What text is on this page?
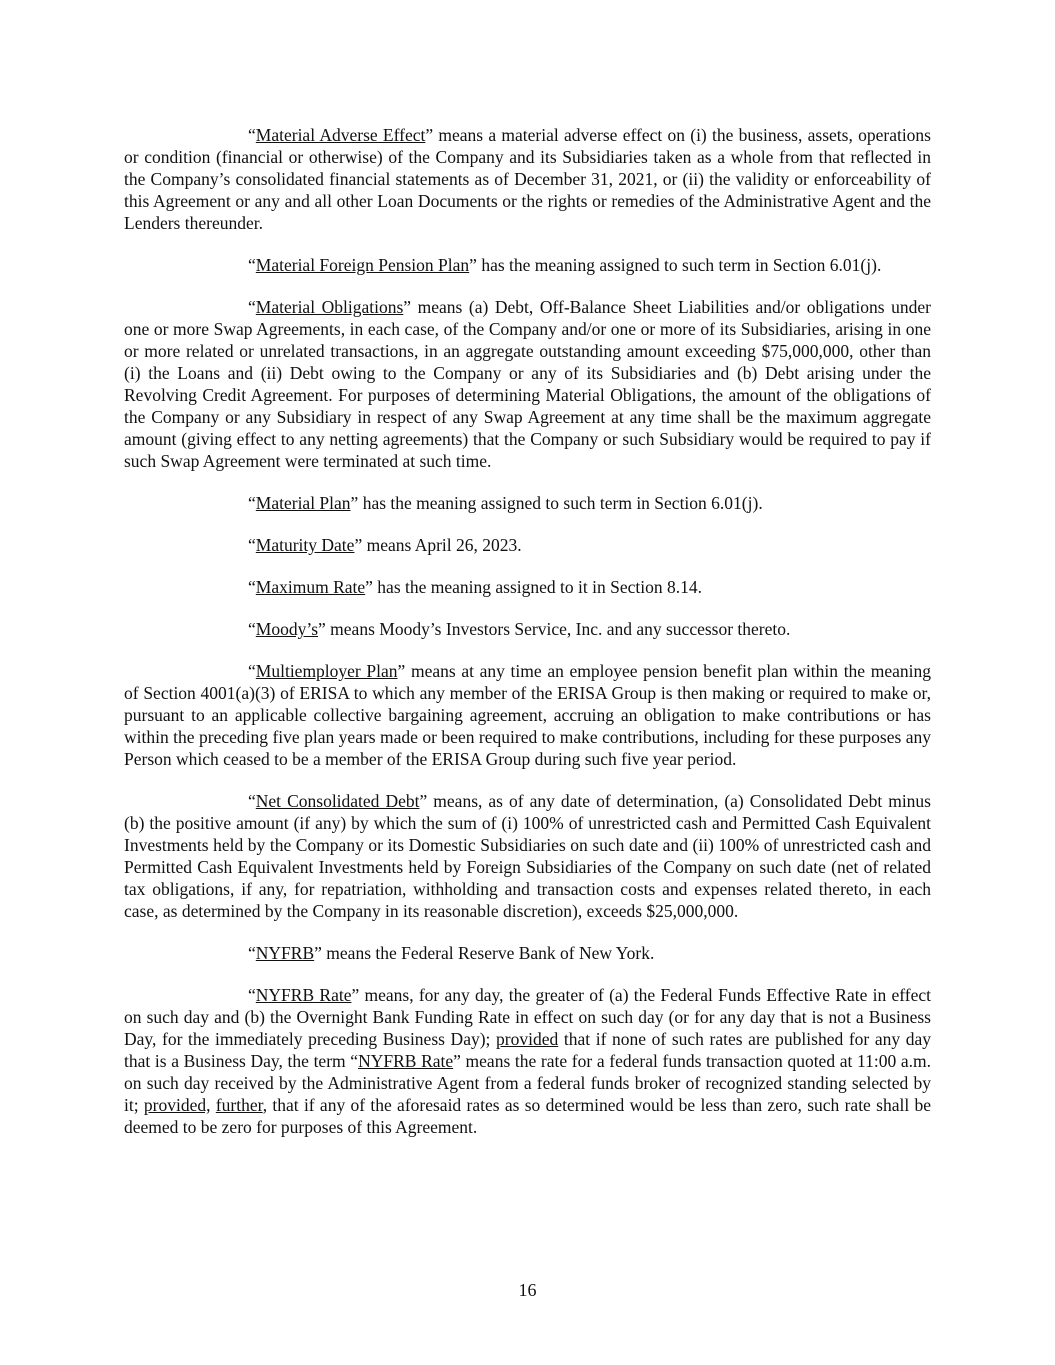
“Material Adverse Effect” means a material adverse effect on (i) the business, assets, operations or condition (financial or otherwise) of the Company and its Subsidiaries taken as a whole from that reflected in the Company’s consolidated financial statements as of December 31, 2021, or (ii) the validity or enforceability of this Agreement or any and all other Loan Documents or the rights or remedies of the Administrative Agent and the Lenders thereunder.

“Material Foreign Pension Plan” has the meaning assigned to such term in Section 6.01(j).

“Material Obligations” means (a) Debt, Off-Balance Sheet Liabilities and/or obligations under one or more Swap Agreements, in each case, of the Company and/or one or more of its Subsidiaries, arising in one or more related or unrelated transactions, in an aggregate outstanding amount exceeding $75,000,000, other than (i) the Loans and (ii) Debt owing to the Company or any of its Subsidiaries and (b) Debt arising under the Revolving Credit Agreement. For purposes of determining Material Obligations, the amount of the obligations of the Company or any Subsidiary in respect of any Swap Agreement at any time shall be the maximum aggregate amount (giving effect to any netting agreements) that the Company or such Subsidiary would be required to pay if such Swap Agreement were terminated at such time.

“Material Plan” has the meaning assigned to such term in Section 6.01(j).

“Maturity Date” means April 26, 2023.

“Maximum Rate” has the meaning assigned to it in Section 8.14.

“Moody’s” means Moody’s Investors Service, Inc. and any successor thereto.

“Multiemployer Plan” means at any time an employee pension benefit plan within the meaning of Section 4001(a)(3) of ERISA to which any member of the ERISA Group is then making or required to make or, pursuant to an applicable collective bargaining agreement, accruing an obligation to make contributions or has within the preceding five plan years made or been required to make contributions, including for these purposes any Person which ceased to be a member of the ERISA Group during such five year period.

“Net Consolidated Debt” means, as of any date of determination, (a) Consolidated Debt minus (b) the positive amount (if any) by which the sum of (i) 100% of unrestricted cash and Permitted Cash Equivalent Investments held by the Company or its Domestic Subsidiaries on such date and (ii) 100% of unrestricted cash and Permitted Cash Equivalent Investments held by Foreign Subsidiaries of the Company on such date (net of related tax obligations, if any, for repatriation, withholding and transaction costs and expenses related thereto, in each case, as determined by the Company in its reasonable discretion), exceeds $25,000,000.

“NYFRB” means the Federal Reserve Bank of New York.

“NYFRB Rate” means, for any day, the greater of (a) the Federal Funds Effective Rate in effect on such day and (b) the Overnight Bank Funding Rate in effect on such day (or for any day that is not a Business Day, for the immediately preceding Business Day); provided that if none of such rates are published for any day that is a Business Day, the term “NYFRB Rate” means the rate for a federal funds transaction quoted at 11:00 a.m. on such day received by the Administrative Agent from a federal funds broker of recognized standing selected by it; provided, further, that if any of the aforesaid rates as so determined would be less than zero, such rate shall be deemed to be zero for purposes of this Agreement.

16
